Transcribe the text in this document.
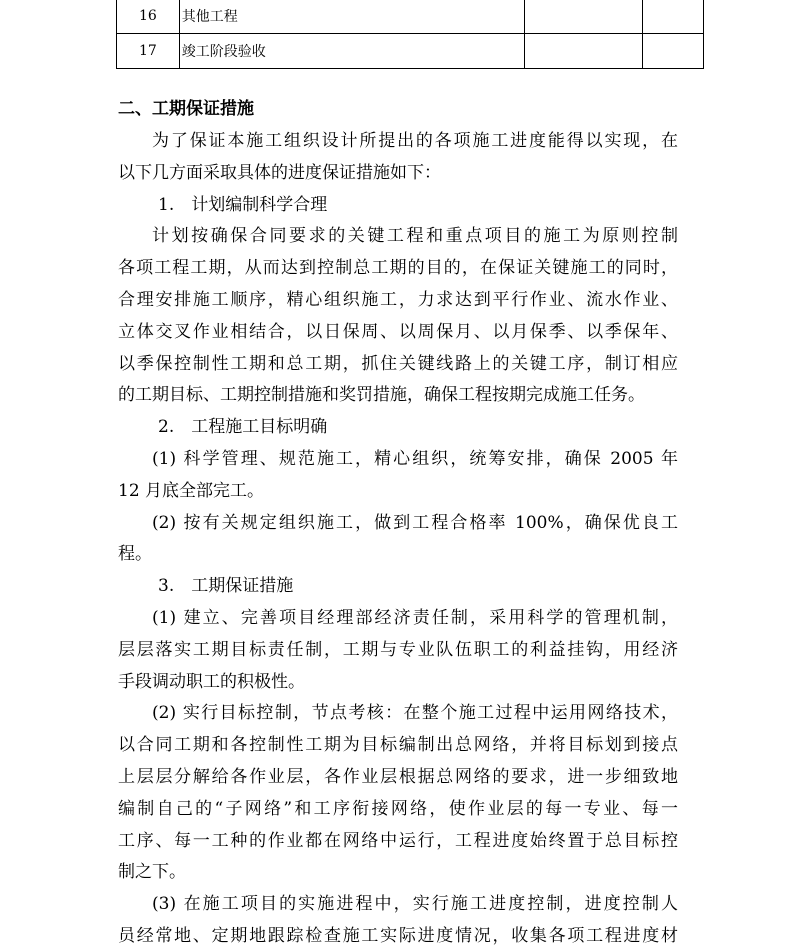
16	其他工程		
17	竣工阶段验收		
二、工期保证措施
为了保证本施工组织设计所提出的各项施工进度能得以实现，在
以下几方面采取具体的进度保证措施如下：
1.　计划编制科学合理
计划按确保合同要求的关键工程和重点项目的施工为原则控制
各项工程工期，从而达到控制总工期的目的，在保证关键施工的同时，
合理安排施工顺序，精心组织施工，力求达到平行作业、流水作业、
立体交叉作业相结合，以日保周、以周保月、以月保季、以季保年、
以季保控制性工期和总工期，抓住关键线路上的关键工序，制订相应
的工期目标、工期控制措施和奖罚措施，确保工程按期完成施工任务。
2.　工程施工目标明确
(1) 科学管理、规范施工，精心组织，统筹安排，确保 2005 年
12 月底全部完工。
(2) 按有关规定组织施工，做到工程合格率 100%，确保优良工
程。
3.　工期保证措施
(1) 建立、完善项目经理部经济责任制，采用科学的管理机制，
层层落实工期目标责任制，工期与专业队伍职工的利益挂钩，用经济
手段调动职工的积极性。
(2) 实行目标控制，节点考核：在整个施工过程中运用网络技术，
以合同工期和各控制性工期为目标编制出总网络，并将目标划到接点
上层层分解给各作业层，各作业层根据总网络的要求，进一步细致地
编制自己的“子网络”和工序衔接网络，使作业层的每一专业、每一
工序、每一工种的作业都在网络中运行，工程进度始终置于总目标控
制之下。
(3) 在施工项目的实施进程中，实行施工进度控制，进度控制人
员经常地、定期地跟踪检查施工实际进度情况，收集各项工程进度材
